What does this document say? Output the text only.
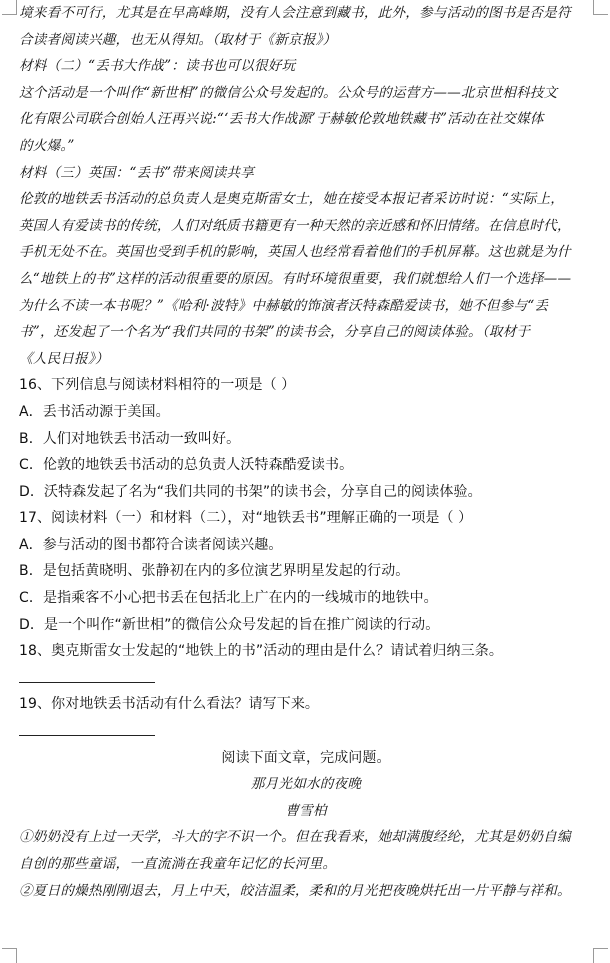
境来看不可行，尤其是在早高峰期，没有人会注意到藏书，此外，参与活动的图书是否是符
合读者阅读兴趣，也无从得知。（取材于《新京报》）
材料（二）“丢书大作战”：读书也可以很好玩
这个活动是一个叫作“新世相”的微信公众号发起的。公众号的运营方——北京世相科技文
化有限公司联合创始人汪再兴说:“‘丢书大作战源’于赫敏伦敦地铁藏书”活动在社交媒体
的火爆。”
材料（三）英国：“丢书”带来阅读共享
伦敦的地铁丢书活动的总负责人是奥克斯雷女士，她在接受本报记者采访时说：“实际上，
英国人有爱读书的传统，人们对纸质书籍更有一种天然的亲近感和怀旧情绪。在信息时代，
手机无处不在。英国也受到手机的影响，英国人也经常看着他们的手机屏幕。这也就是为什
么“地铁上的书”这样的活动很重要的原因。有时环境很重要，我们就想给人们一个选择——
为什么不读一本书呢？”《哈利·波特》中赫敏的饰演者沃特森酷爱读书，她不但参与“丢
书”，还发起了一个名为“我们共同的书架”的读书会，分享自己的阅读体验。（取材于
《人民日报》）
16、下列信息与阅读材料相符的一项是（ ）
A．丢书活动源于美国。
B．人们对地铁丢书活动一致叫好。
C．伦敦的地铁丢书活动的总负责人沃特森酷爱读书。
D．沃特森发起了名为“我们共同的书架”的读书会，分享自己的阅读体验。
17、阅读材料（一）和材料（二），对“地铁丢书”理解正确的一项是（ ）
A．参与活动的图书都符合读者阅读兴趣。
B．是包括黄晓明、张静初在内的多位演艺界明星发起的行动。
C．是指乘客不小心把书丢在包括北上广在内的一线城市的地铁中。
D．是一个叫作“新世相”的微信公众号发起的旨在推广阅读的行动。
18、奥克斯雷女士发起的“地铁上的书”活动的理由是什么？请试着归纳三条。
19、你对地铁丢书活动有什么看法？请写下来。
阅读下面文章，完成问题。
那月光如水的夜晚
曹雪柏
①奶奶没有上过一天学，斗大的字不识一个。但在我看来，她却满腹经纶，尤其是奶奶自编
自创的那些童谣，一直流淌在我童年记忆的长河里。
②夏日的燥热刚刚退去，月上中天，皎洁温柔，柔和的月光把夜晚烘托出一片平静与祥和。
